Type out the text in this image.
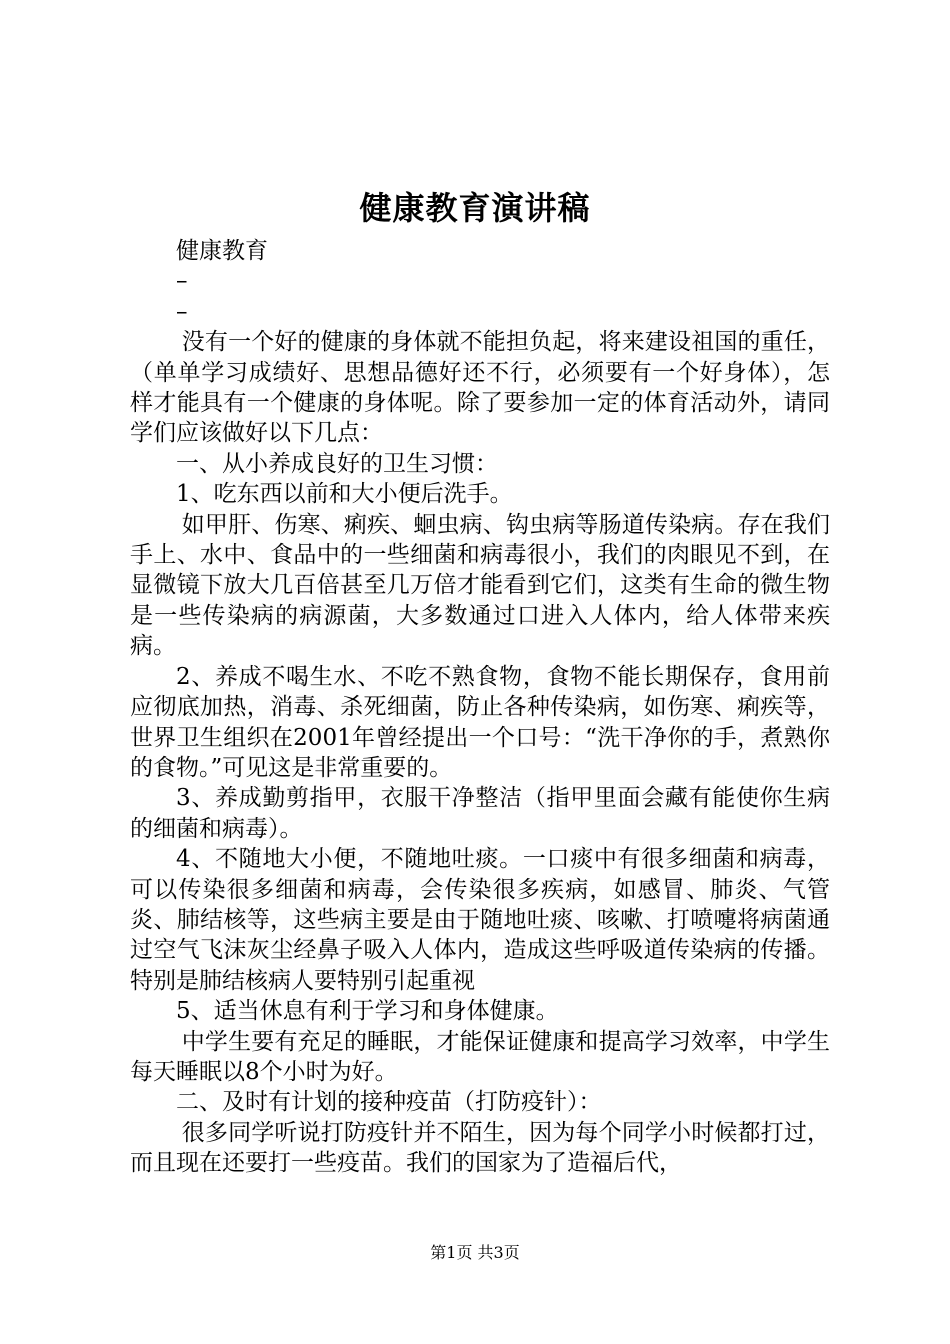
健康教育演讲稿

健康教育

–

–

没有一个好的健康的身体就不能担负起，将来建设祖国的重任，（单单学习成绩好、思想品德好还不行，必须要有一个好身体），怎样才能具有一个健康的身体呢。除了要参加一定的体育活动外，请同学们应该做好以下几点：

一、从小养成良好的卫生习惯：

1、吃东西以前和大小便后洗手。

如甲肝、伤寒、痢疾、蛔虫病、钩虫病等肠道传染病。存在我们手上、水中、食品中的一些细菌和病毒很小，我们的肉眼见不到，在显微镜下放大几百倍甚至几万倍才能看到它们，这类有生命的微生物是一些传染病的病源菌，大多数通过口进入人体内，给人体带来疾病。

2、养成不喝生水、不吃不熟食物，食物不能长期保存，食用前应彻底加热，消毒、杀死细菌，防止各种传染病，如伤寒、痢疾等，世界卫生组织在2001年曾经提出一个口号：“洗干净你的手，煮熟你的食物。”可见这是非常重要的。

3、养成勤剪指甲，衣服干净整洁（指甲里面会藏有能使你生病的细菌和病毒）。

4、不随地大小便，不随地吐痰。一口痰中有很多细菌和病毒，可以传染很多细菌和病毒，会传染很多疾病，如感冒、肺炎、气管炎、肺结核等，这些病主要是由于随地吐痰、咳嗽、打喷嚏将病菌通过空气飞沫灰尘经鼻子吸入人体内，造成这些呼吸道传染病的传播。特别是肺结核病人要特别引起重视

5、适当休息有利于学习和身体健康。

中学生要有充足的睡眠，才能保证健康和提高学习效率，中学生每天睡眠以8个小时为好。

二、及时有计划的接种疫苗（打防疫针）：

很多同学听说打防疫针并不陌生，因为每个同学小时候都打过，而且现在还要打一些疫苗。我们的国家为了造福后代，

第1页 共3页
